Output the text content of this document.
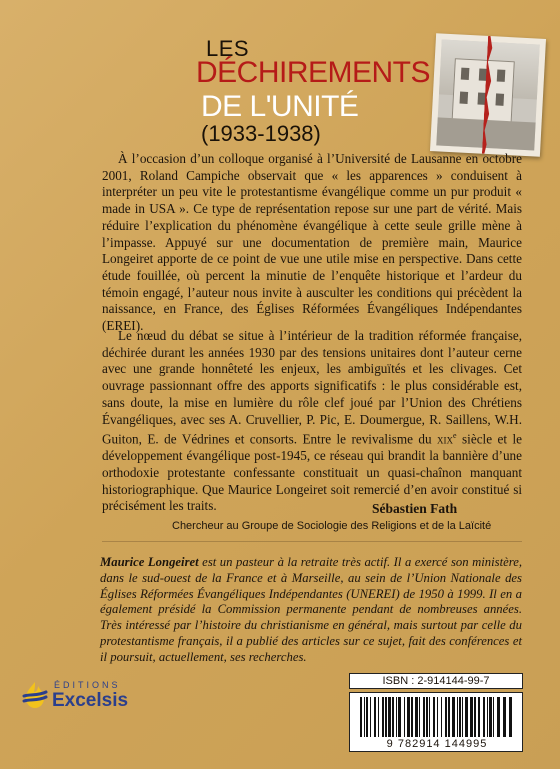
LES
DÉCHIREMENTS
DE L'UNITÉ
(1933-1938)

À l’occasion d’un colloque organisé à l’Université de Lausanne en octobre 2001, Roland Campiche observait que « les apparences » conduisent à interpréter un peu vite le protestantisme évangélique comme un pur produit « made in USA ». Ce type de représentation repose sur une part de vérité. Mais réduire l’explication du phénomène évangélique à cette seule grille mène à l’impasse. Appuyé sur une documentation de première main, Maurice Longeiret apporte de ce point de vue une utile mise en perspective. Dans cette étude fouillée, où percent la minutie de l’enquête historique et l’ardeur du témoin engagé, l’auteur nous invite à ausculter les conditions qui précèdent la naissance, en France, des Églises Réformées Évangéliques Indépendantes (EREI).

Le nœud du débat se situe à l’intérieur de la tradition réformée française, déchirée durant les années 1930 par des tensions unitaires dont l’auteur cerne avec une grande honnêteté les enjeux, les ambiguïtés et les clivages. Cet ouvrage passionnant offre des apports significatifs : le plus considérable est, sans doute, la mise en lumière du rôle clef joué par l’Union des Chrétiens Évangéliques, avec ses A. Cruvellier, P. Pic, E. Doumergue, R. Saillens, W.H. Guiton, E. de Védrines et consorts. Entre le revivalisme du xix$^e$ siècle et le développement évangélique post-1945, ce réseau qui brandit la bannière d’une orthodoxie protestante confessante constituait un quasi-chaînon manquant historiographique. Que Maurice Longeiret soit remercié d’en avoir constitué si précisément les traits.	Sébastien Fath
Chercheur au Groupe de Sociologie des Religions et de la Laïcité

Maurice Longeiret est un pasteur à la retraite très actif. Il a exercé son ministère, dans le sud-ouest de la France et à Marseille, au sein de l’Union Nationale des Églises Réformées Évangéliques Indépendantes (UNEREI) de 1950 à 1999. Il en a également présidé la Commission permanente pendant de nombreuses années. Très intéressé par l’histoire du christianisme en général, mais surtout par celle du protestantisme français, il a publié des articles sur ce sujet, fait des conférences et il poursuit, actuellement, ses recherches.

ÉDITIONS
Excelsis
ISBN : 2-914144-99-7
9 782914 144995
